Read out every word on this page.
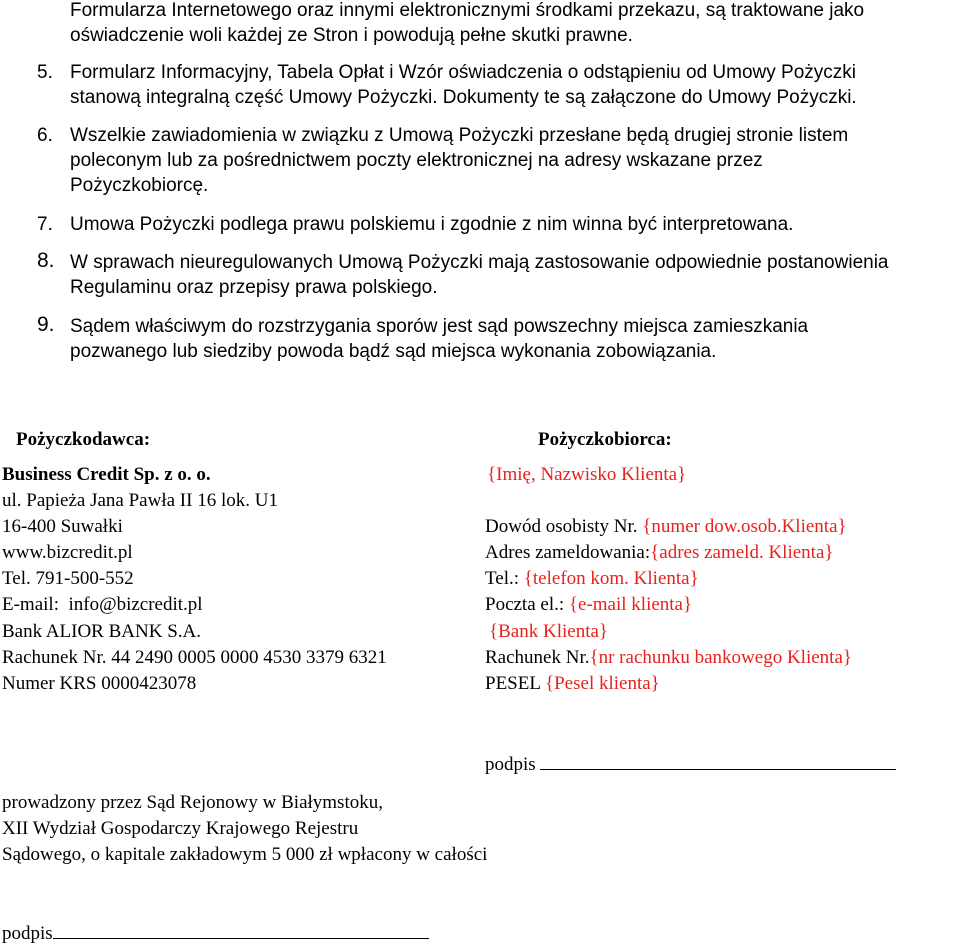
Formularza Internetowego oraz innymi elektronicznymi środkami przekazu, są traktowane jako
oświadczenie woli każdej ze Stron i powodują pełne skutki prawne.
5. Formularz Informacyjny, Tabela Opłat i Wzór oświadczenia o odstąpieniu od Umowy Pożyczki
stanową integralną część Umowy Pożyczki. Dokumenty te są załączone do Umowy Pożyczki.
6. Wszelkie zawiadomienia w związku z Umową Pożyczki przesłane będą drugiej stronie listem
poleconym lub za pośrednictwem poczty elektronicznej na adresy wskazane przez
Pożyczkobiorcę.
7. Umowa Pożyczki podlega prawu polskiemu i zgodnie z nim winna być interpretowana.
8. W sprawach nieuregulowanych Umową Pożyczki mają zastosowanie odpowiednie postanowienia
Regulaminu oraz przepisy prawa polskiego.
9. Sądem właściwym do rozstrzygania sporów jest sąd powszechny miejsca zamieszkania
pozwanego lub siedziby powoda bądź sąd miejsca wykonania zobowiązania.
Pożyczkodawca:	Pożyczkobiorca:
Business Credit Sp. z o. o.
ul. Papieża Jana Pawła II 16 lok. U1
16-400 Suwałki
www.bizcredit.pl
Tel. 791-500-552
E-mail: info@bizcredit.pl
Bank ALIOR BANK S.A.
Rachunek Nr. 44 2490 0005 0000 4530 3379 6321
Numer KRS 0000423078
{Imię, Nazwisko Klienta}
Dowód osobisty Nr. {numer dow.osob.Klienta}
Adres zameldowania:{adres zameld. Klienta}
Tel.: {telefon kom. Klienta}
Poczta el.: {e-mail klienta}
{Bank Klienta}
Rachunek Nr.{nr rachunku bankowego Klienta}
PESEL {Pesel klienta}
podpis
prowadzony przez Sąd Rejonowy w Białymstoku,
XII Wydział Gospodarczy Krajowego Rejestru
Sądowego, o kapitale zakładowym 5 000 zł wpłacony w całości
podpis
